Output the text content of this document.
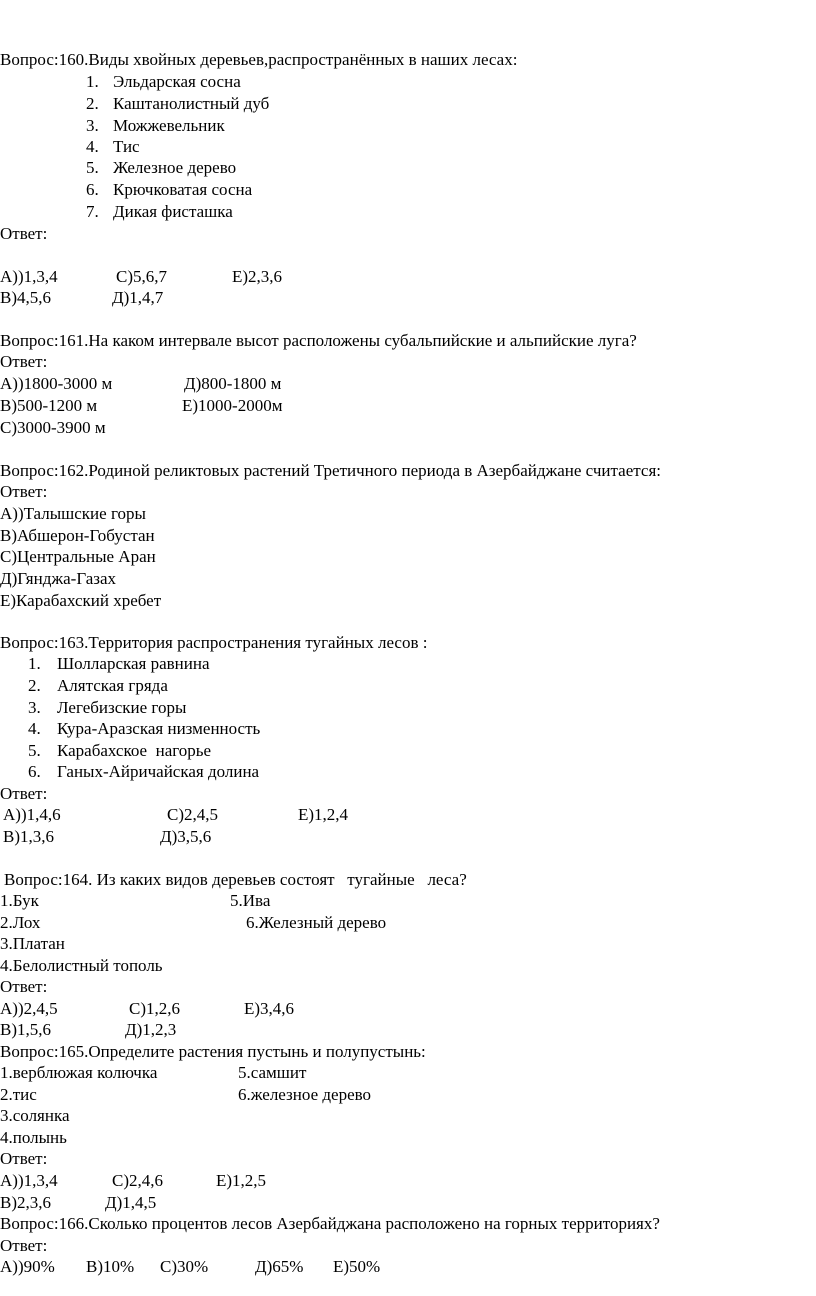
Вопрос:160.Виды хвойных деревьев,распространённых в наших лесах:
1. Эльдарская сосна
2. Каштанолистный дуб
3. Можжевельник
4. Тис
5. Железное дерево
6. Крючковатая сосна
7. Дикая фисташка
Ответ:
A))1,3,4	C)5,6,7	E)2,3,6
B)4,5,6	Д)1,4,7
Вопрос:161.На каком интервале высот расположены субальпийские и альпийские луга?
Ответ:
A))1800-3000 м	Д)800-1800 м
B)500-1200 м	E)1000-2000м
C)3000-3900 м
Вопрос:162.Родиной реликтовых растений Третичного периода в Азербайджане считается:
Ответ:
A))Талышские горы
B)Абшерон-Гобустан
C)Центральные Аран
Д)Гянджа-Газах
E)Карабахский хребет
Вопрос:163.Территория распространения тугайных лесов :
1. Шолларская равнина
2. Алятская гряда
3. Легебизские горы
4. Кура-Аразская низменность
5. Карабахское  нагорье
6. Ганых-Айричайская долина
Ответ:
A))1,4,6	C)2,4,5	E)1,2,4
B)1,3,6	Д)3,5,6
Вопрос:164. Из каких видов деревьев состоят   тугайные   леса?
1.Бук	5.Ива
2.Лох	6.Железный дерево
3.Платан
4.Белолистный тополь
Ответ:
A))2,4,5	C)1,2,6	E)3,4,6
B)1,5,6	Д)1,2,3
Вопрос:165.Определите растения пустынь и полупустынь:
1.верблюжая колючка	5.самшит
2.тис	6.железное дерево
3.солянка
4.полынь
Ответ:
A))1,3,4	C)2,4,6	E)1,2,5
B)2,3,6	Д)1,4,5
Вопрос:166.Сколько процентов лесов Азербайджана расположено на горных территориях?
Ответ:
A))90% B)10% C)30%	Д)65% E)50%
